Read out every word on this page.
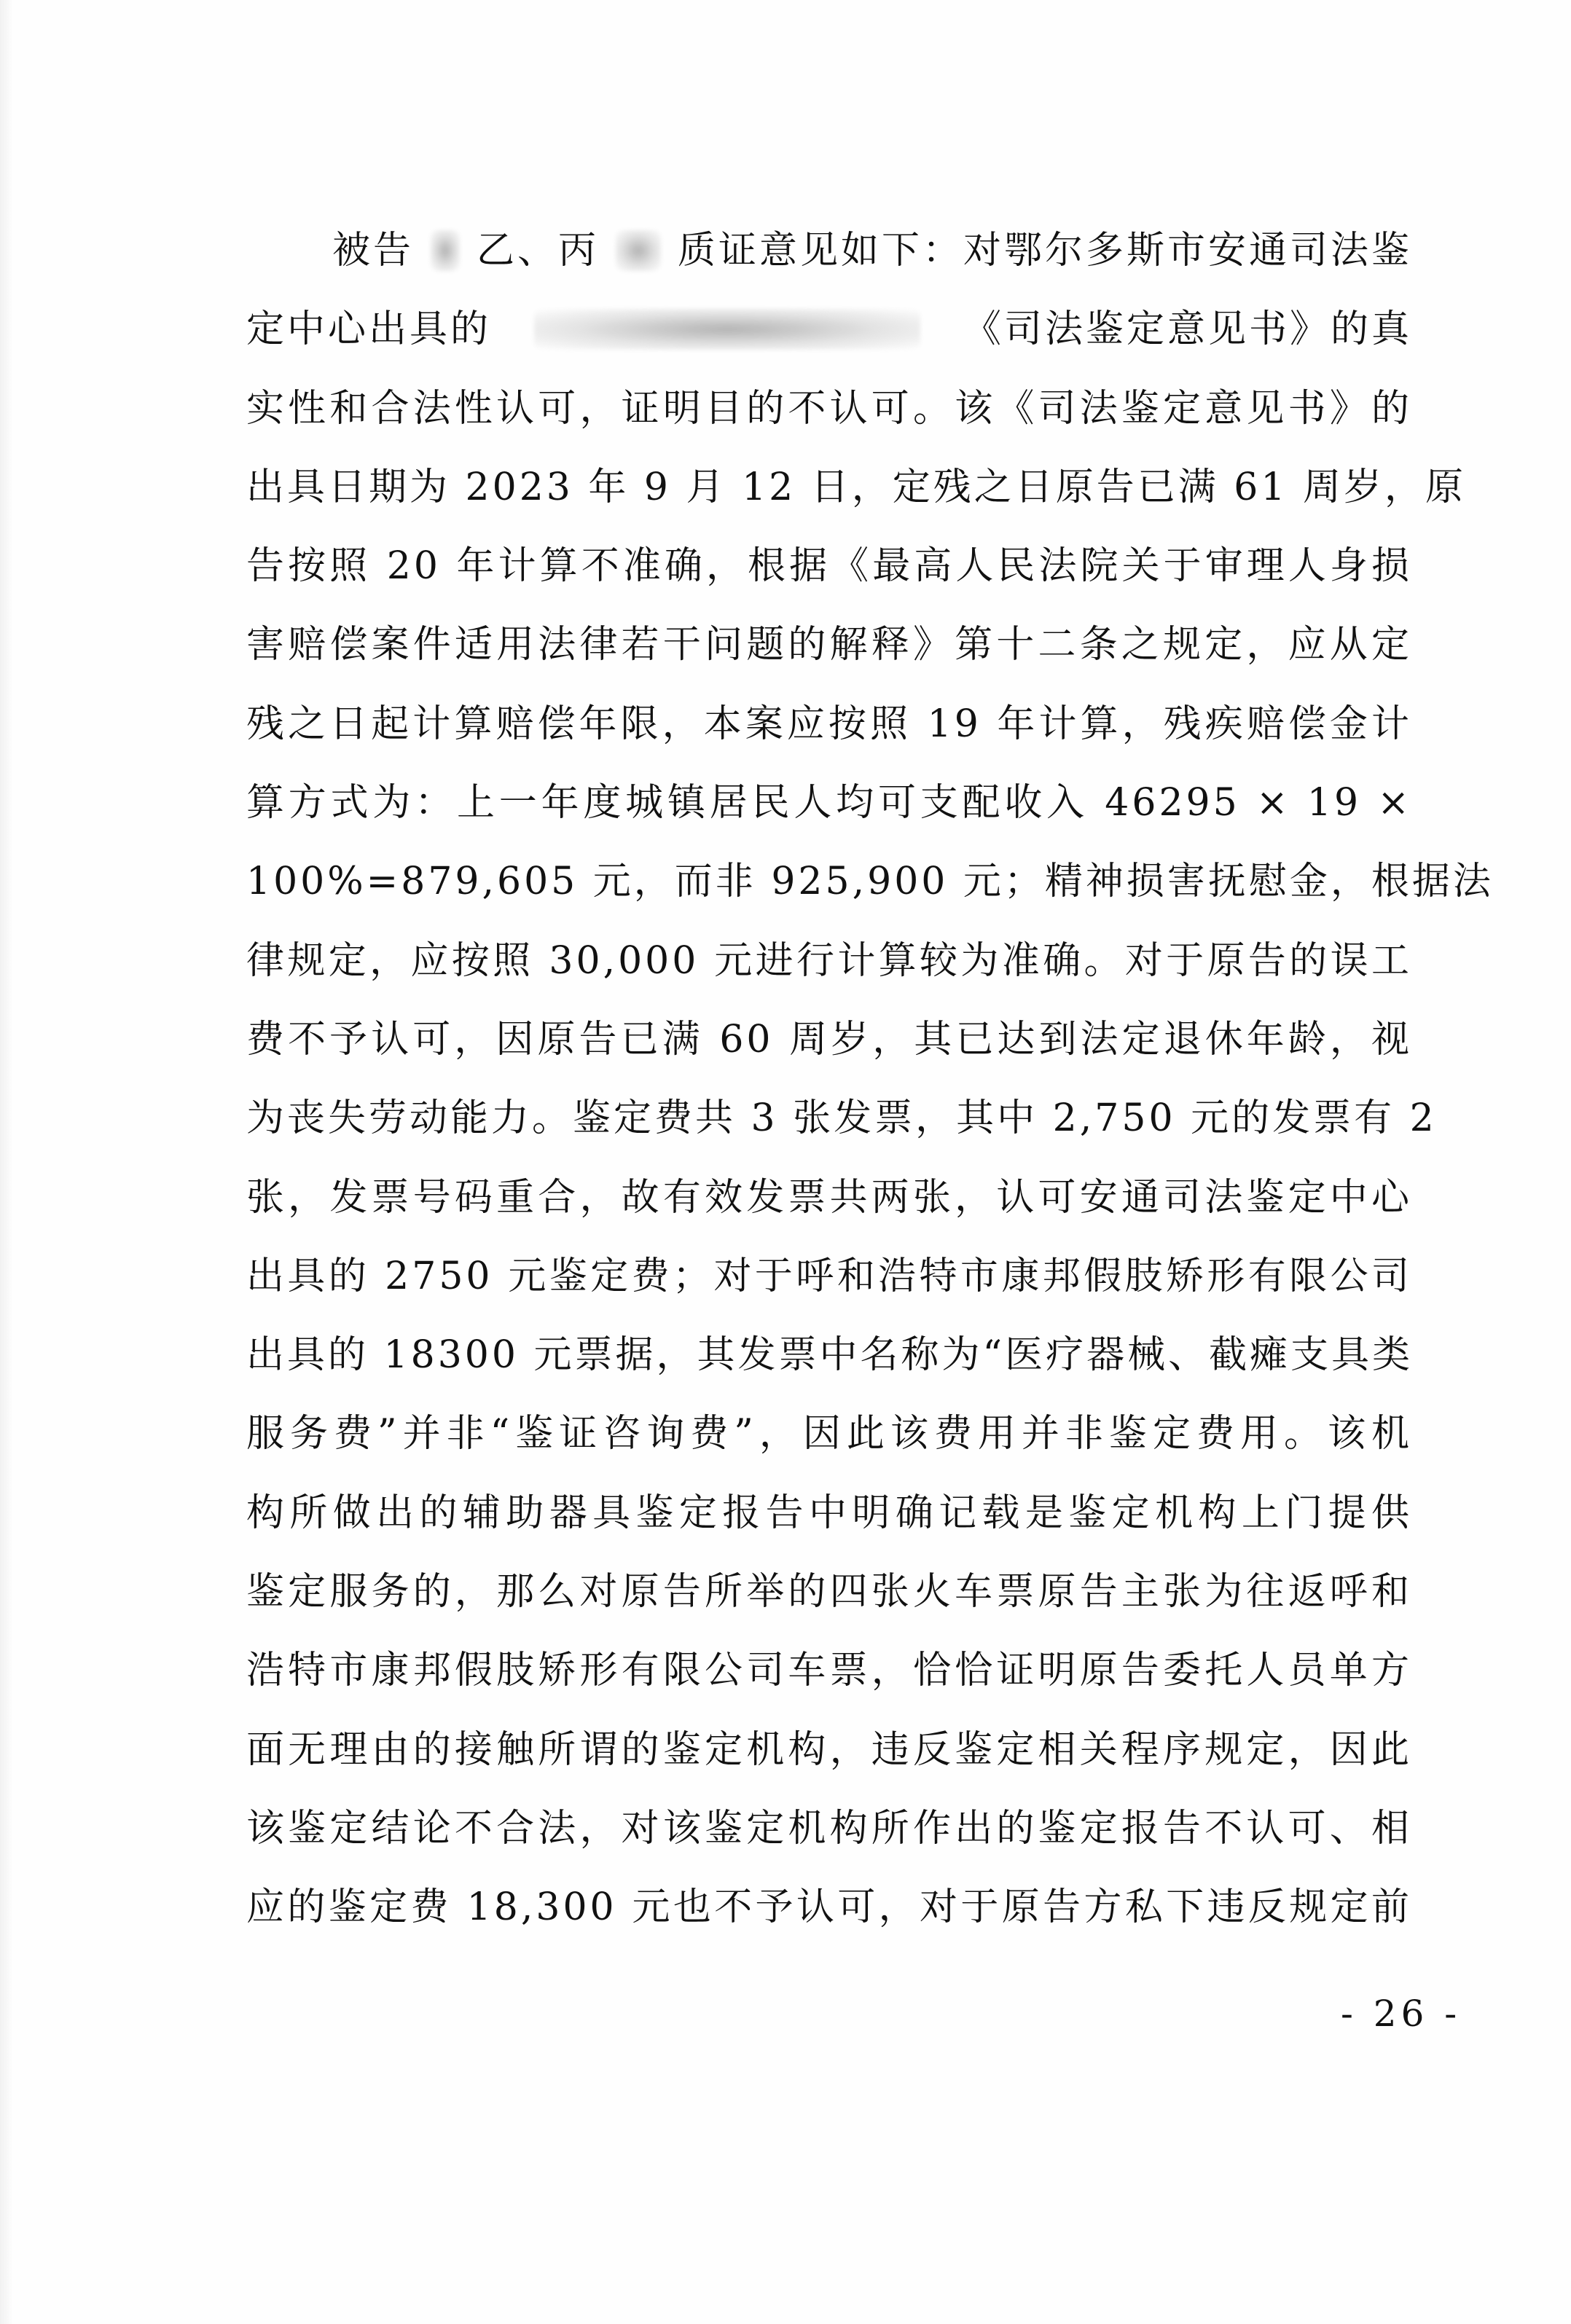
被告 乙、丙 质证意见如下：对鄂尔多斯市安通司法鉴
定中心出具的	《司法鉴定意见书》的真
实性和合法性认可，证明目的不认可。该《司法鉴定意见书》的
出具日期为 2023 年 9 月 12 日，定残之日原告已满 61 周岁，原
告按照 20 年计算不准确，根据《最高人民法院关于审理人身损
害赔偿案件适用法律若干问题的解释》第十二条之规定，应从定
残之日起计算赔偿年限，本案应按照 19 年计算，残疾赔偿金计
算方式为：上一年度城镇居民人均可支配收入 46295 × 19 ×
100%=879,605 元，而非 925,900 元；精神损害抚慰金，根据法
律规定，应按照 30,000 元进行计算较为准确。对于原告的误工
费不予认可，因原告已满 60 周岁，其已达到法定退休年龄，视
为丧失劳动能力。鉴定费共 3 张发票，其中 2,750 元的发票有 2
张，发票号码重合，故有效发票共两张，认可安通司法鉴定中心
出具的 2750 元鉴定费；对于呼和浩特市康邦假肢矫形有限公司
出具的 18300 元票据，其发票中名称为“医疗器械、截瘫支具类
服务费”并非“鉴证咨询费”，因此该费用并非鉴定费用。该机
构所做出的辅助器具鉴定报告中明确记载是鉴定机构上门提供
鉴定服务的，那么对原告所举的四张火车票原告主张为往返呼和
浩特市康邦假肢矫形有限公司车票，恰恰证明原告委托人员单方
面无理由的接触所谓的鉴定机构，违反鉴定相关程序规定，因此
该鉴定结论不合法，对该鉴定机构所作出的鉴定报告不认可、相
应的鉴定费 18,300 元也不予认可，对于原告方私下违反规定前
- 26 -
